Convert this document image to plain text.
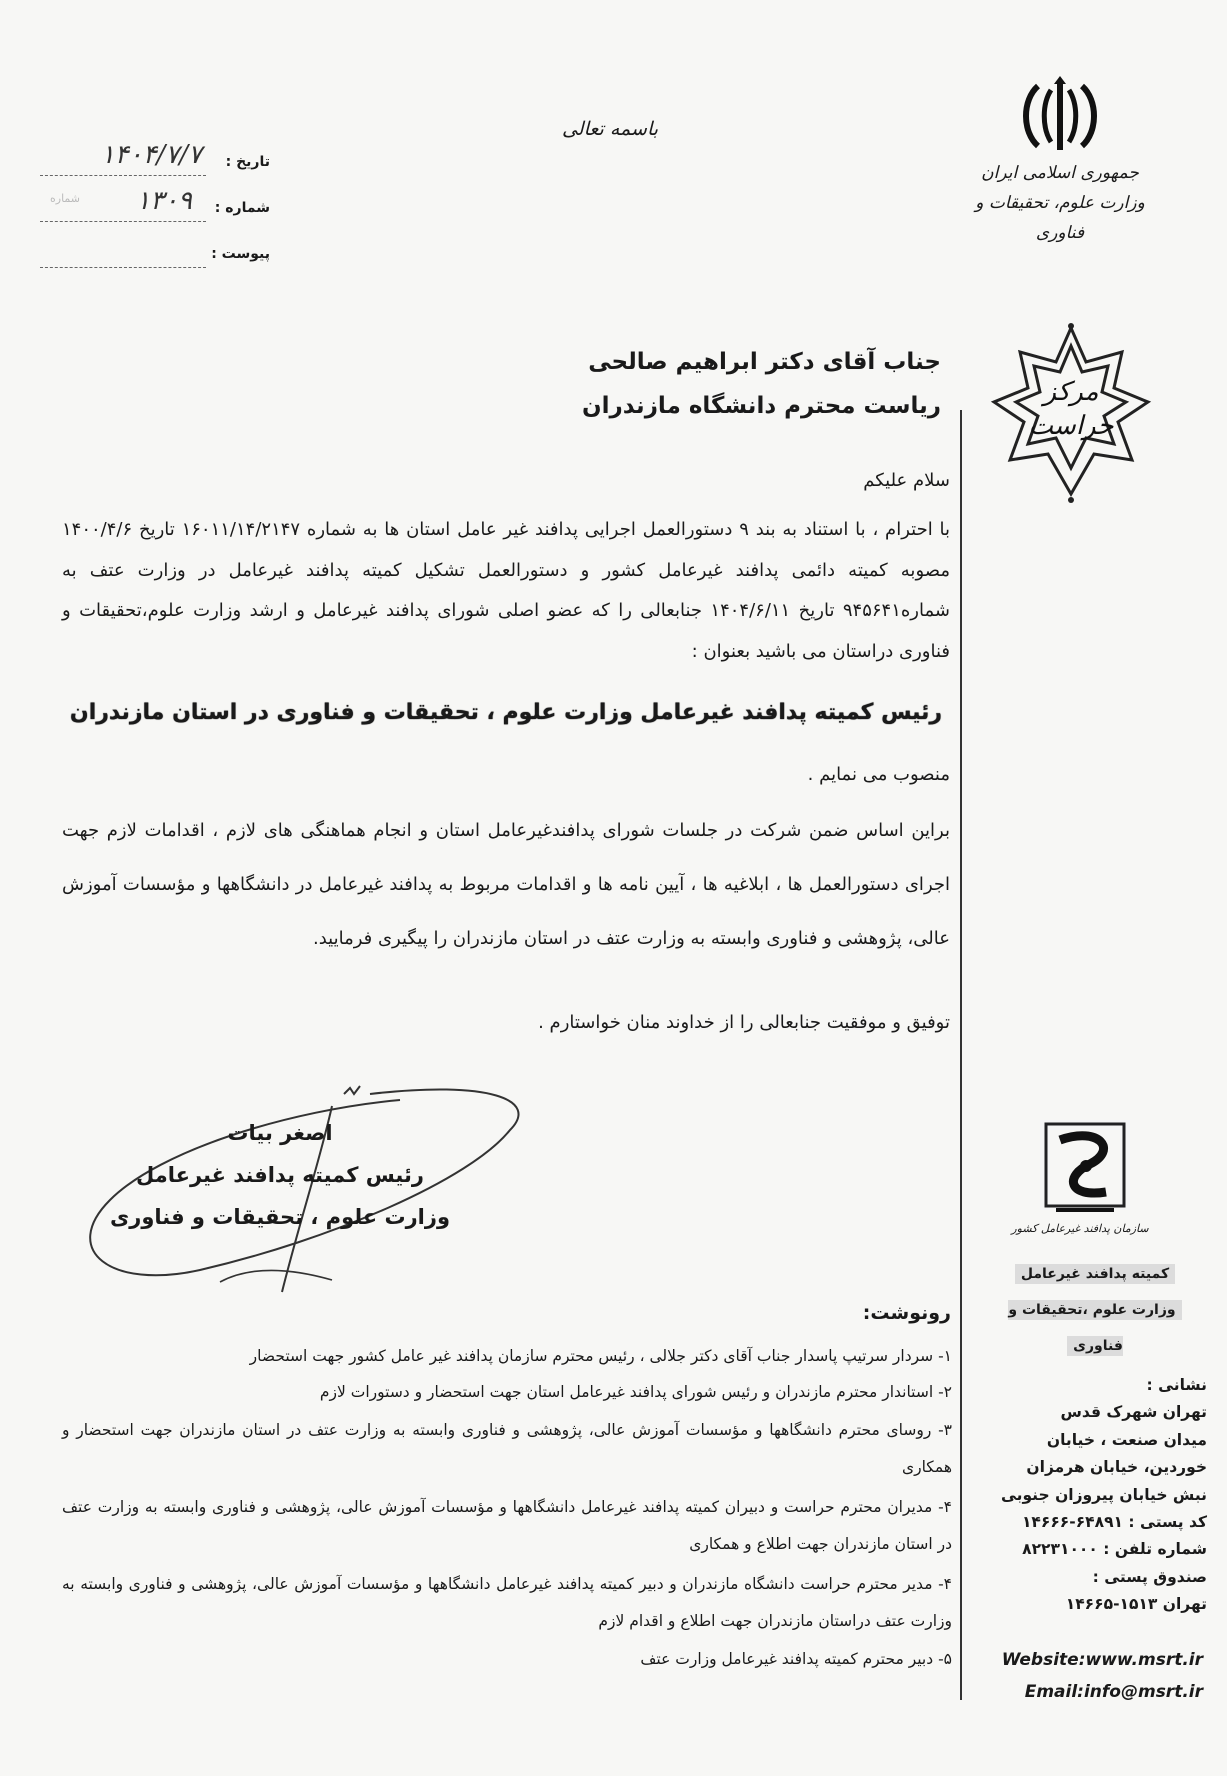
جمهوری اسلامی ایران
وزارت علوم، تحقیقات و فناوری
باسمه تعالی
تاریخ :
۱۴۰۴/۷/۷
شماره :
شماره ۱۳۰۹
پیوست :
مرکز
حراست
جناب آقای دکتر ابراهیم صالحی
ریاست محترم دانشگاه مازندران
سلام علیکم
با احترام ، با استناد به بند ۹ دستورالعمل اجرایی پدافند غیر عامل استان ها به شماره ۱۶۰۱۱/۱۴/۲۱۴۷ تاریخ ۱۴۰۰/۴/۶ مصوبه کمیته دائمی پدافند غیرعامل کشور و دستورالعمل تشکیل کمیته پدافند غیرعامل در وزارت عتف به شماره۹۴۵۶۴۱ تاریخ ۱۴۰۴/۶/۱۱ جنابعالی را که عضو اصلی شورای پدافند غیرعامل و ارشد وزارت علوم،تحقیقات و فناوری دراستان می باشید بعنوان :
رئیس کمیته پدافند غیرعامل وزارت علوم ، تحقیقات و فناوری در استان مازندران
منصوب می نمایم .
براین اساس ضمن شرکت در جلسات شورای پدافندغیرعامل استان و انجام هماهنگی های لازم ، اقدامات لازم جهت اجرای دستورالعمل ها ، ابلاغیه ها ، آیین نامه ها و اقدامات مربوط به پدافند غیرعامل در دانشگاهها و مؤسسات آموزش عالی، پژوهشی و فناوری وابسته به وزارت عتف در استان مازندران را پیگیری فرمایید.
توفیق و موفقیت جنابعالی را از خداوند منان خواستارم .
اصغر بیات
رئیس کمیته پدافند غیرعامل
وزارت علوم ، تحقیقات و فناوری
رونوشت:
۱- سردار سرتیپ پاسدار جناب آقای دکتر جلالی ، رئیس محترم سازمان پدافند غیر عامل کشور جهت استحضار
۲- استاندار محترم مازندران و رئیس شورای پدافند غیرعامل استان جهت استحضار و دستورات لازم
۳- روسای محترم دانشگاهها و مؤسسات آموزش عالی، پژوهشی و فناوری وابسته به وزارت عتف در استان مازندران جهت استحضار و همکاری
۴- مدیران محترم حراست و دبیران کمیته پدافند غیرعامل دانشگاهها و مؤسسات آموزش عالی، پژوهشی و فناوری وابسته به وزارت عتف در استان مازندران جهت اطلاع و همکاری
۴- مدیر محترم حراست دانشگاه مازندران و دبیر کمیته پدافند غیرعامل دانشگاهها و مؤسسات آموزش عالی، پژوهشی و فناوری وابسته به وزارت عتف دراستان مازندران جهت اطلاع و اقدام لازم
۵- دبیر محترم کمیته پدافند غیرعامل وزارت عتف
سازمان پدافند غیرعامل کشور
کمیته پدافند غیرعامل
وزارت علوم ،تحقیقات و فناوری
نشانی :
تهران شهرک قدس
میدان صنعت ، خیابان
خوردین، خیابان هرمزان
نبش خیابان پیروزان جنوبی
کد پستی : ۶۴۸۹۱-۱۴۶۶۶
شماره تلفن : ۸۲۲۳۱۰۰۰
صندوق پستی :
تهران ۱۵۱۳-۱۴۶۶۵
Website:www.msrt.ir
Email:info@msrt.ir
